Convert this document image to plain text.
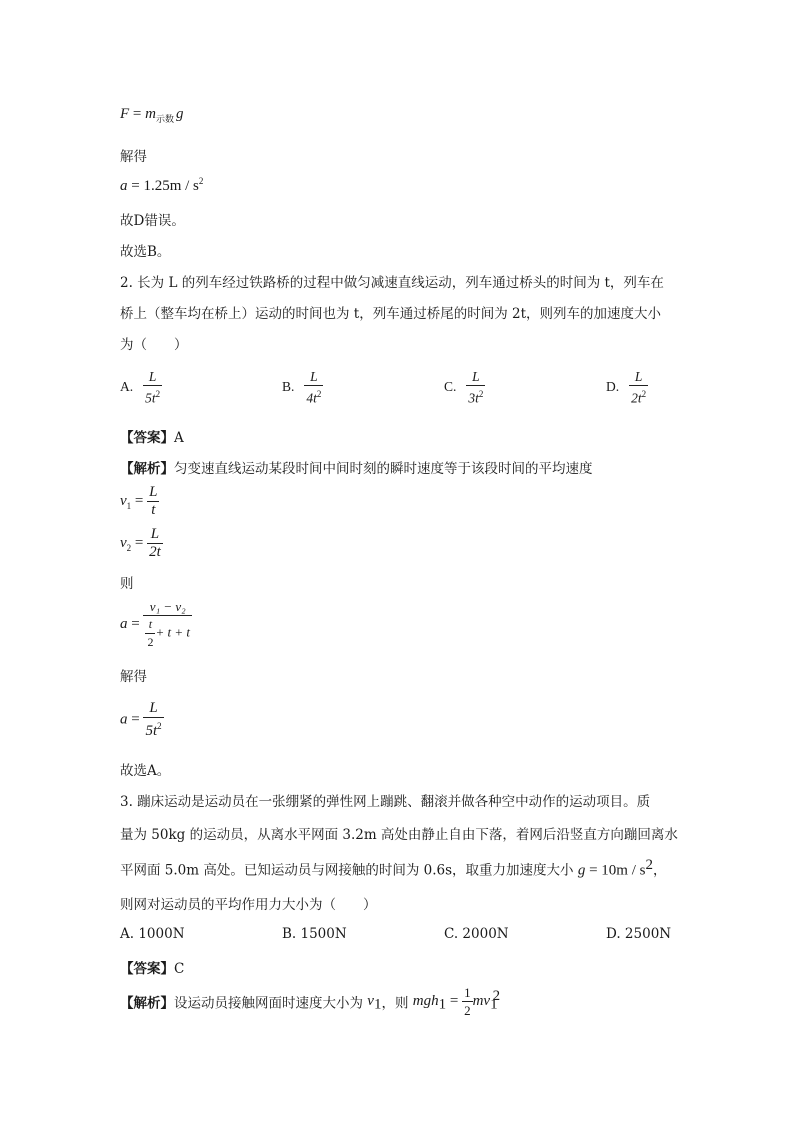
$F = m_{示数}$ g
解得
$a = 1.25m / s^2$
故D错误。
故选B。
2. 长为 L 的列车经过铁路桥的过程中做匀减速直线运动，列车通过桥头的时间为 t，列车在
桥上（整车均在桥上）运动的时间也为 t，列车通过桥尾的时间为 2t，则列车的加速度大小
为（　　）
A. $\frac{L}{5t^2}$	B. $\frac{L}{4t^2}$	C. $\frac{L}{3t^2}$	D. $\frac{L}{2t^2}$
【答案】A
【解析】匀变速直线运动某段时间中间时刻的瞬时速度等于该段时间的平均速度
$v_1 = \frac{L}{t}$
$v_2 = \frac{L}{2t}$
则
$a = \frac{\text{v₁ − v₂}}{\frac{t}{2} + t + t}$
解得
$a = \frac{L}{5t^2}$
故选A。
3. 蹦床运动是运动员在一张绷紧的弹性网上蹦跳、翻滚并做各种空中动作的运动项目。质
量为 50kg 的运动员，从离水平网面 3.2m 高处由静止自由下落，着网后沿竖直方向蹦回离水
平网面 5.0m 高处。已知运动员与网接触的时间为 0.6s，取重力加速度大小 $g = 10m / s^2$，
则网对运动员的平均作用力大小为（　　）
A. 1000N	B. 1500N	C. 2000N	D. 2500N
【答案】C
【解析】设运动员接触网面时速度大小为 $v_1$，则 $mgh_1 = \frac{1}{2} mv_1^2$
